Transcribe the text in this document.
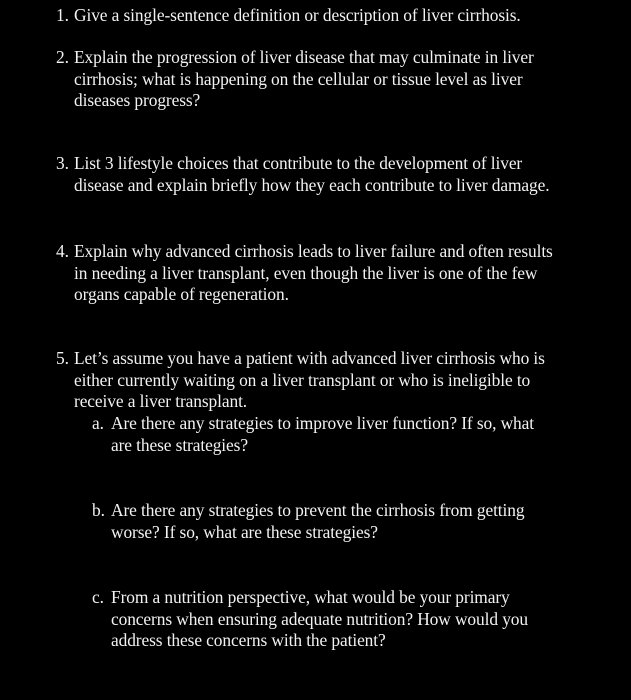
1. Give a single-sentence definition or description of liver cirrhosis.
2. Explain the progression of liver disease that may culminate in liver
cirrhosis; what is happening on the cellular or tissue level as liver
diseases progress?
3. List 3 lifestyle choices that contribute to the development of liver
disease and explain briefly how they each contribute to liver damage.
4. Explain why advanced cirrhosis leads to liver failure and often results
in needing a liver transplant, even though the liver is one of the few
organs capable of regeneration.
5. Let’s assume you have a patient with advanced liver cirrhosis who is
either currently waiting on a liver transplant or who is ineligible to
receive a liver transplant.
a. Are there any strategies to improve liver function? If so, what
are these strategies?
b. Are there any strategies to prevent the cirrhosis from getting
worse? If so, what are these strategies?
c. From a nutrition perspective, what would be your primary
concerns when ensuring adequate nutrition? How would you
address these concerns with the patient?
